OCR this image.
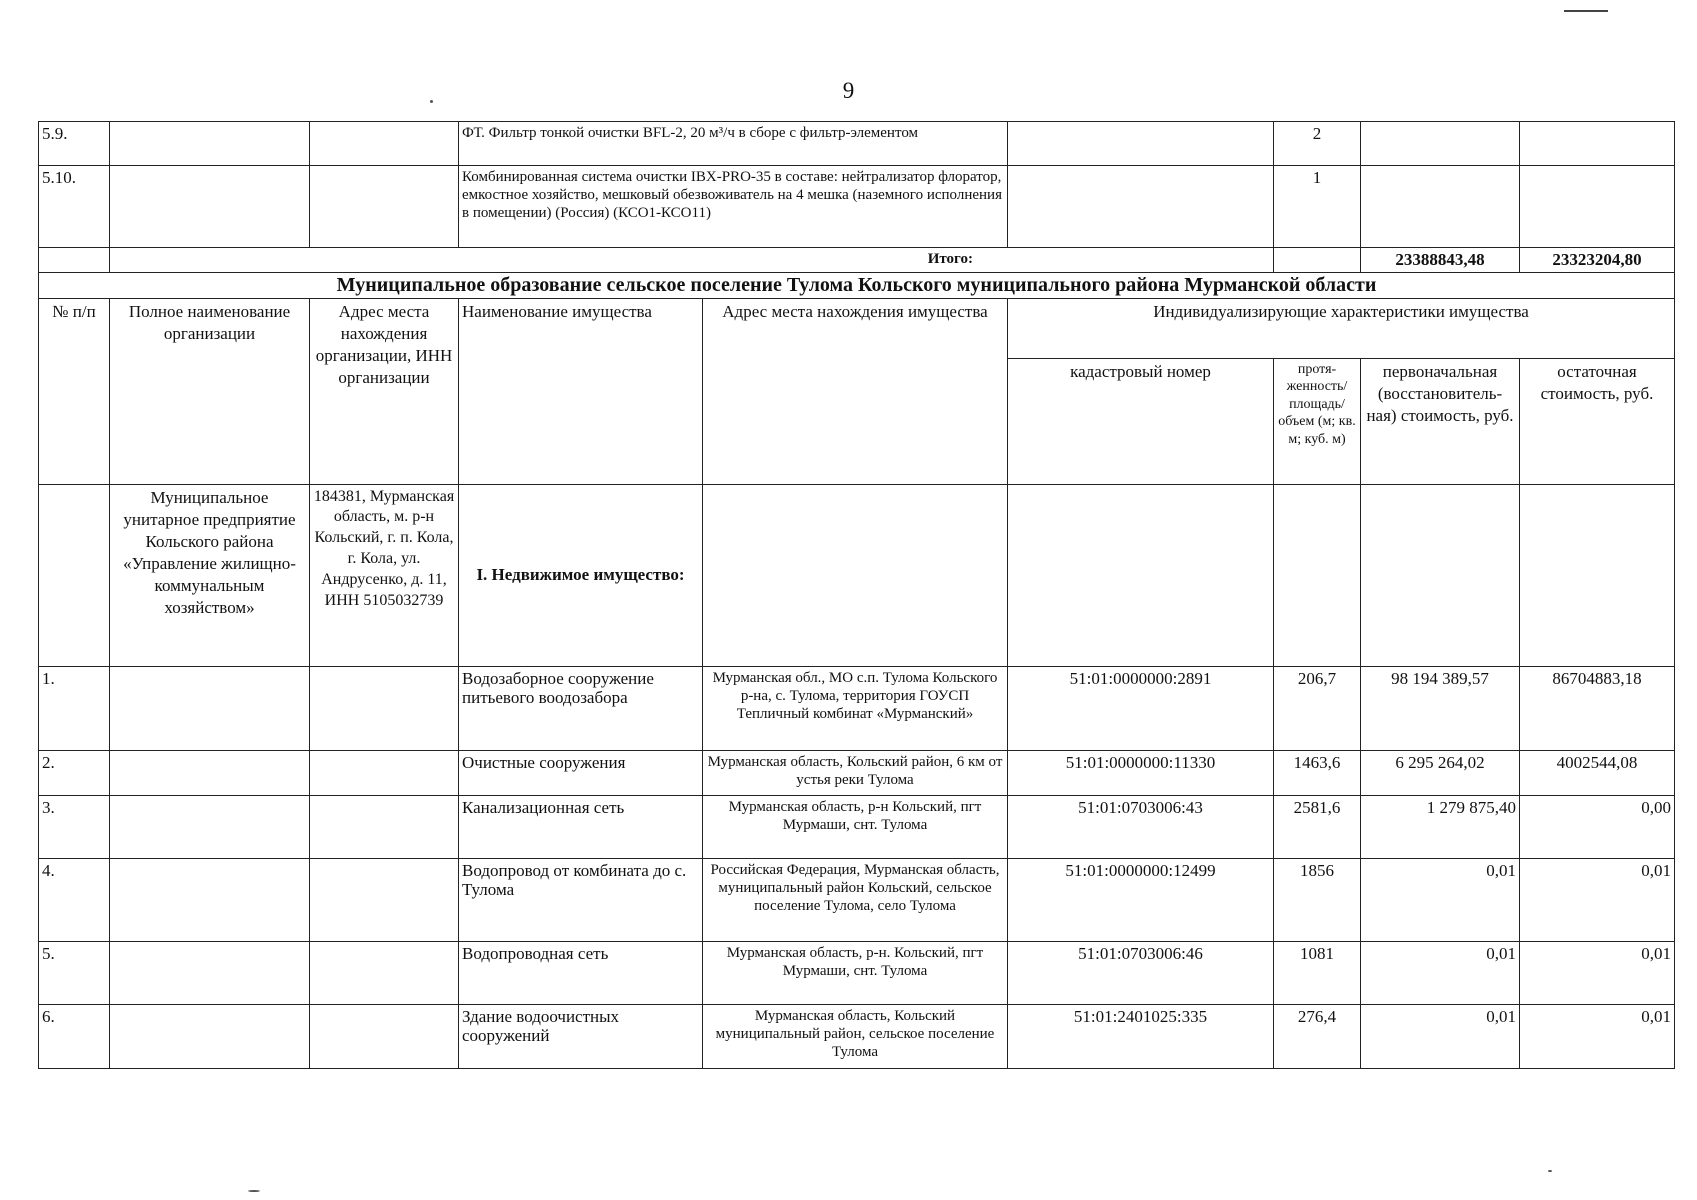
9
5.9.			ФТ. Фильтр тонкой очистки BFL-2, 20 м³/ч в сборе с фильтр-элементом			2		
5.10.			Комбинированная система очистки IBX-PRO-35 в составе: нейтрализатор флоратор, емкостное хозяйство, мешковый обезвоживатель на 4 мешка (наземного исполнения в помещении) (Россия) (КСО1-КСО11)			1		
	Итого:						23388843,48	23323204,80
Муниципальное образование сельское поселение Тулома Кольского муниципального района Мурманской области								
№ п/п	Полное наименование организации	Адрес места нахождения организации, ИНН организации	Наименование имущества	Адрес места нахождения имущества	Индивидуализирующие характеристики имущества			
					кадастровый номер	протя-женность/ площадь/ объем (м; кв. м; куб. м)	первоначальная (восстановитель-ная) стоимость, руб.	остаточная стоимость, руб.
	Муниципальное унитарное предприятие Кольского района «Управление жилищно-коммунальным хозяйством»	184381, Мурманская область, м. р-н Кольский, г. п. Кола, г. Кола, ул. Андрусенко, д. 11, ИНН 5105032739	I. Недвижимое имущество:					
1.			Водозаборное сооружение питьевого воодозабора	Мурманская обл., МО с.п. Тулома Кольского р-на, с. Тулома, территория ГОУСП Тепличный комбинат «Мурманский»	51:01:0000000:2891	206,7	98 194 389,57	86704883,18
2.			Очистные сооружения	Мурманская область, Кольский район, 6 км от устья реки Тулома	51:01:0000000:11330	1463,6	6 295 264,02	4002544,08
3.			Канализационная сеть	Мурманская область, р-н Кольский, пгт Мурмаши, снт. Тулома	51:01:0703006:43	2581,6	1 279 875,40	0,00
4.			Водопровод от комбината до с. Тулома	Российская Федерация, Мурманская область, муниципальный район Кольский, сельское поселение Тулома, село Тулома	51:01:0000000:12499	1856	0,01	0,01
5.			Водопроводная сеть	Мурманская область, р-н. Кольский, пгт Мурмаши, снт. Тулома	51:01:0703006:46	1081	0,01	0,01
6.			Здание водоочистных сооружений	Мурманская область, Кольский муниципальный район, сельское поселение Тулома	51:01:2401025:335	276,4	0,01	0,01
